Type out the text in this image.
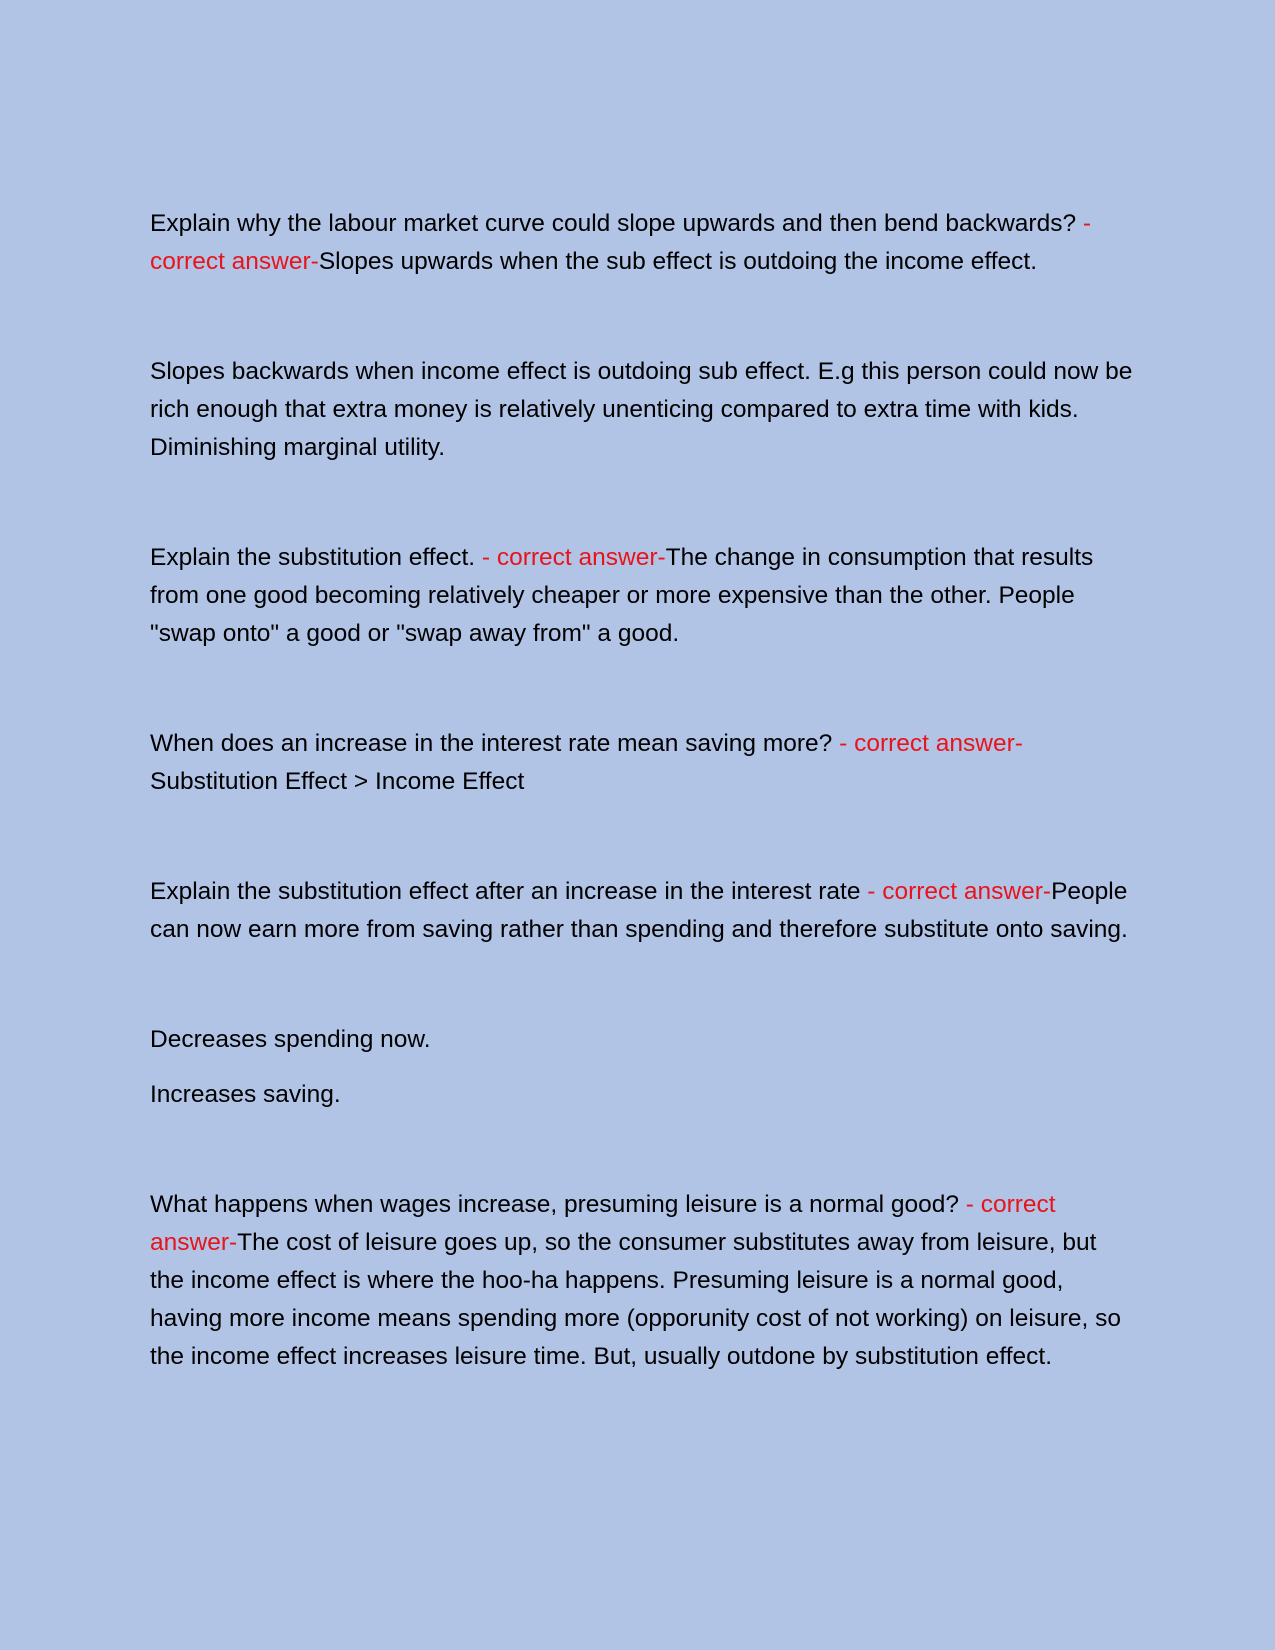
Explain why the labour market curve could slope upwards and then bend backwards? - correct answer-Slopes upwards when the sub effect is outdoing the income effect.

Slopes backwards when income effect is outdoing sub effect. E.g this person could now be rich enough that extra money is relatively unenticing compared to extra time with kids. Diminishing marginal utility.

Explain the substitution effect. - correct answer-The change in consumption that results from one good becoming relatively cheaper or more expensive than the other. People "swap onto" a good or "swap away from" a good.

When does an increase in the interest rate mean saving more? - correct answer-Substitution Effect > Income Effect

Explain the substitution effect after an increase in the interest rate - correct answer-People can now earn more from saving rather than spending and therefore substitute onto saving.

Decreases spending now.

Increases saving.

What happens when wages increase, presuming leisure is a normal good? - correct answer-The cost of leisure goes up, so the consumer substitutes away from leisure, but the income effect is where the hoo-ha happens. Presuming leisure is a normal good, having more income means spending more (opporunity cost of not working) on leisure, so the income effect increases leisure time. But, usually outdone by substitution effect.
